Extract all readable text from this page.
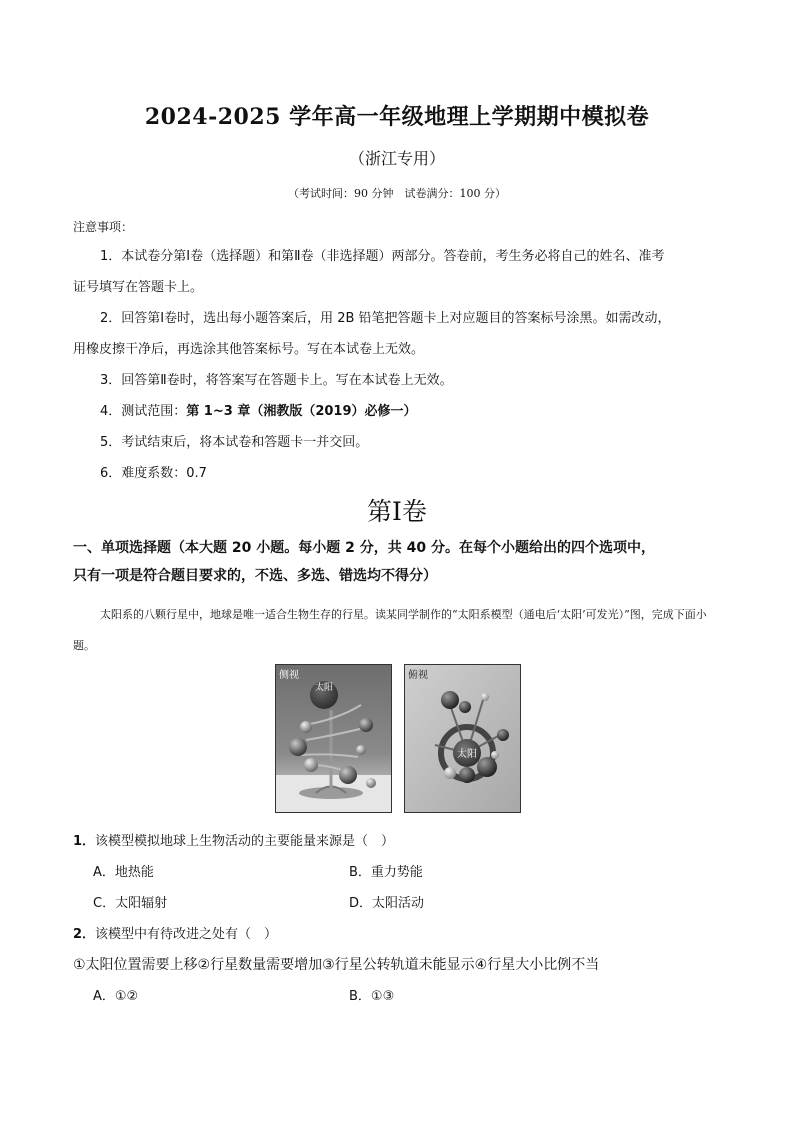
2024-2025 学年高一年级地理上学期期中模拟卷
（浙江专用）
（考试时间：90 分钟　试卷满分：100 分）
注意事项：
1．本试卷分第Ⅰ卷（选择题）和第Ⅱ卷（非选择题）两部分。答卷前，考生务必将自己的姓名、准考
证号填写在答题卡上。
2．回答第Ⅰ卷时，选出每小题答案后，用 2B 铅笔把答题卡上对应题目的答案标号涂黑。如需改动，
用橡皮擦干净后，再选涂其他答案标号。写在本试卷上无效。
3．回答第Ⅱ卷时，将答案写在答题卡上。写在本试卷上无效。
4．测试范围：第 1~3 章（湘教版（2019）必修一）
5．考试结束后，将本试卷和答题卡一并交回。
6．难度系数：0.7
第Ⅰ卷
一、单项选择题（本大题 20 小题。每小题 2 分，共 40 分。在每个小题给出的四个选项中，
只有一项是符合题目要求的，不选、多选、错选均不得分）
太阳系的八颗行星中，地球是唯一适合生物生存的行星。读某同学制作的“太阳系模型（通电后‘太阳’可发光）”图，完成下面小题。
太阳
侧视
太阳
俯视
1．该模型模拟地球上生物活动的主要能量来源是（　）
A．地热能	B．重力势能
C．太阳辐射	D．太阳活动
2．该模型中有待改进之处有（　）
①太阳位置需要上移②行星数量需要增加③行星公转轨道未能显示④行星大小比例不当
A．①②	B．①③
